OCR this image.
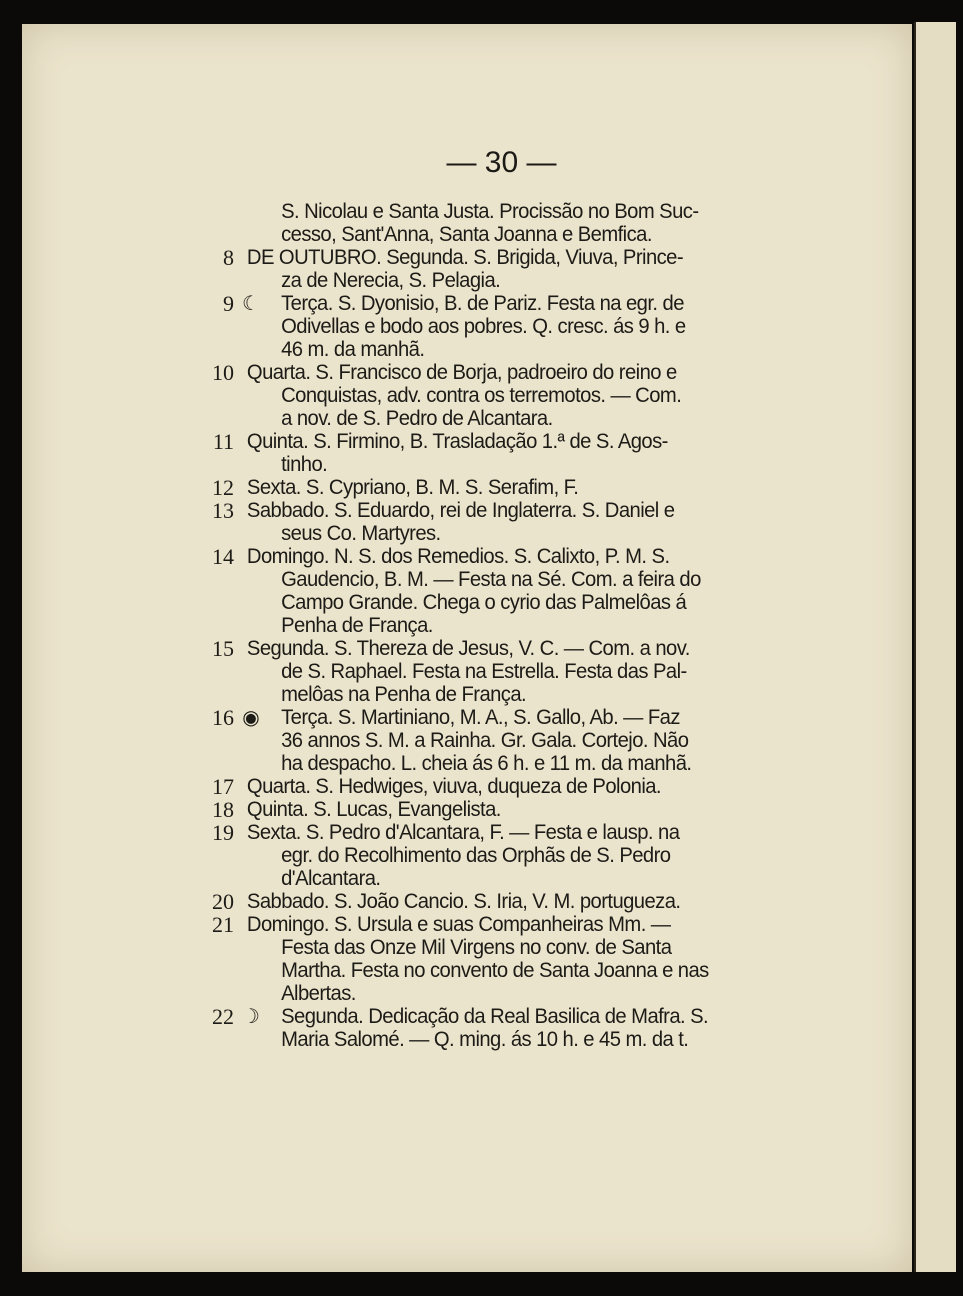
— 30 —
S. Nicolau e Santa Justa. Procissão no Bom Suc-
cesso, Sant'Anna, Santa Joanna e Bemfica.
8 DE OUTUBRO. Segunda. S. Brigida, Viuva, Prince-
za de Nerecia, S. Pelagia.
9 ☾ Terça. S. Dyonisio, B. de Pariz. Festa na egr. de
Odivellas e bodo aos pobres. Q. cresc. ás 9 h. e
46 m. da manhã.
10 Quarta. S. Francisco de Borja, padroeiro do reino e
Conquistas, adv. contra os terremotos. — Com.
a nov. de S. Pedro de Alcantara.
11 Quinta. S. Firmino, B. Trasladação 1.ª de S. Agos-
tinho.
12 Sexta. S. Cypriano, B. M. S. Serafim, F.
13 Sabbado. S. Eduardo, rei de Inglaterra. S. Daniel e
seus Co. Martyres.
14 Domingo. N. S. dos Remedios. S. Calixto, P. M. S.
Gaudencio, B. M. — Festa na Sé. Com. a feira do
Campo Grande. Chega o cyrio das Palmelôas á
Penha de França.
15 Segunda. S. Thereza de Jesus, V. C. — Com. a nov.
de S. Raphael. Festa na Estrella. Festa das Pal-
melôas na Penha de França.
16 ◉	Terça. S. Martiniano, M. A., S. Gallo, Ab. — Faz
36 annos S. M. a Rainha. Gr. Gala. Cortejo. Não
ha despacho. L. cheia ás 6 h. e 11 m. da manhã.
17 Quarta. S. Hedwiges, viuva, duqueza de Polonia.
18 Quinta. S. Lucas, Evangelista.
19 Sexta. S. Pedro d'Alcantara, F. — Festa e lausp. na
egr. do Recolhimento das Orphãs de S. Pedro
d'Alcantara.
20 Sabbado. S. João Cancio. S. Iria, V. M. portugueza.
21 Domingo. S. Ursula e suas Companheiras Mm. —
Festa das Onze Mil Virgens no conv. de Santa
Martha. Festa no convento de Santa Joanna e nas
Albertas.
22 ☽ Segunda. Dedicação da Real Basilica de Mafra. S.
Maria Salomé. — Q. ming. ás 10 h. e 45 m. da t.
